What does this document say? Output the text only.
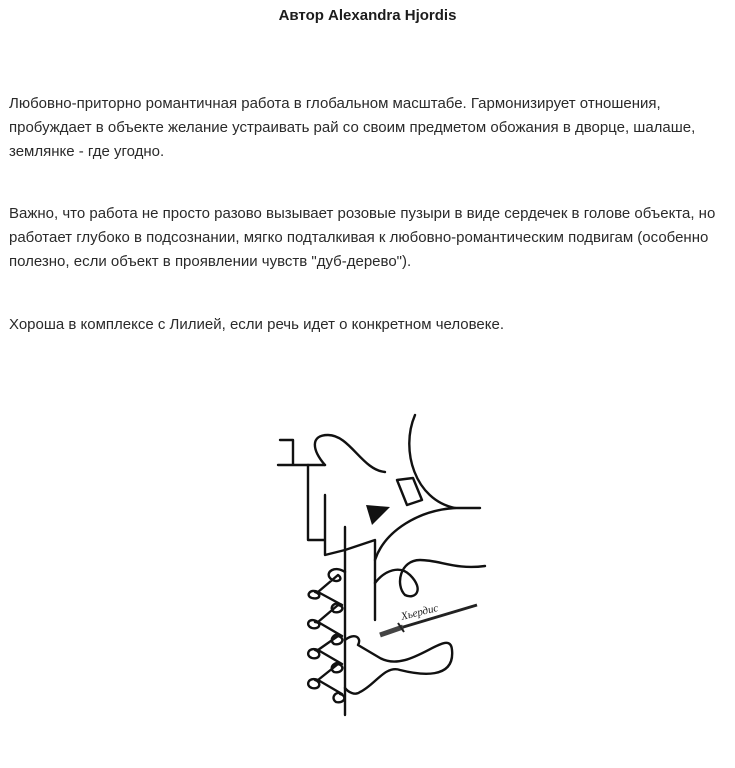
Автор Alexandra Hjordis

Любовно-приторно романтичная работа в глобальном масштабе. Гармонизирует отношения, пробуждает в объекте желание устраивать рай со своим предметом обожания в дворце, шалаше, землянке - где угодно.

Важно, что работа не просто разово вызывает розовые пузыри в виде сердечек в голове объекта, но работает глубоко в подсознании, мягко подталкивая к любовно-романтическим подвигам (особенно полезно, если объект в проявлении чувств "дуб-дерево").

Хороша в комплексе с Лилией, если речь идет о конкретном человеке.

Хьердис
